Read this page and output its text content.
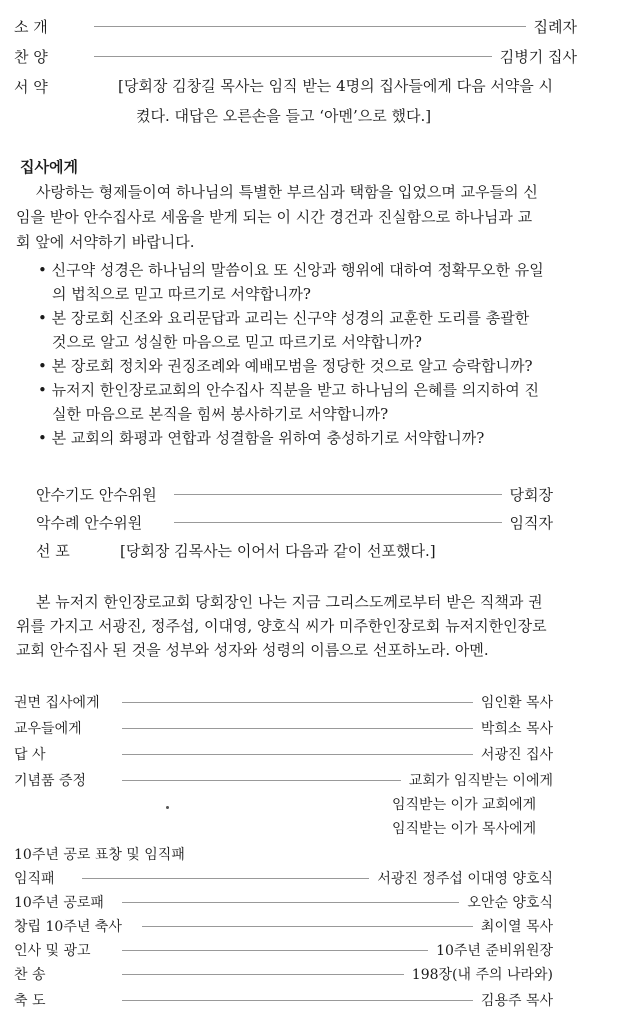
소 개	집례자
찬 양	김병기 집사
서 약	[당회장 김창길 목사는 임직 받는 4명의 집사들에게 다음 서약을 시
켰다. 대답은 오른손을 들고 ‘아멘’으로 했다.]
집사에게
사랑하는 형제들이여 하나님의 특별한 부르심과 택함을 입었으며 교우들의 신
임을 받아 안수집사로 세움을 받게 되는 이 시간 경건과 진실함으로 하나님과 교
회 앞에 서약하기 바랍니다.
• 신구약 성경은 하나님의 말씀이요 또 신앙과 행위에 대하여 정확무오한 유일
의 법칙으로 믿고 따르기로 서약합니까?
• 본 장로회 신조와 요리문답과 교리는 신구약 성경의 교훈한 도리를 총괄한
것으로 알고 성실한 마음으로 믿고 따르기로 서약합니까?
• 본 장로회 정치와 권징조례와 예배모범을 정당한 것으로 알고 승락합니까?
• 뉴저지 한인장로교회의 안수집사 직분을 받고 하나님의 은혜를 의지하여 진
실한 마음으로 본직을 힘써 봉사하기로 서약합니까?
• 본 교회의 화평과 연합과 성결함을 위하여 충성하기로 서약합니까?
안수기도 안수위원	당회장
악수례 안수위원	임직자
선 포	[당회장 김목사는 이어서 다음과 같이 선포했다.]
본 뉴저지 한인장로교회 당회장인 나는 지금 그리스도께로부터 받은 직책과 권
위를 가지고 서광진, 정주섭, 이대영, 양호식 씨가 미주한인장로회 뉴저지한인장로
교회 안수집사 된 것을 성부와 성자와 성령의 이름으로 선포하노라. 아멘.
권면 집사에게	임인환 목사
교우들에게	박희소 목사
답 사	서광진 집사
기념품 증정	교회가 임직받는 이에게
임직받는 이가 교회에게
임직받는 이가 목사에게
10주년 공로 표창 및 임직패
임직패	서광진 정주섭 이대영 양호식
10주년 공로패	오안순 양호식
창립 10주년 축사	최이열 목사
인사 및 광고	10주년 준비위원장
찬 송	198장(내 주의 나라와)
축 도	김용주 목사
